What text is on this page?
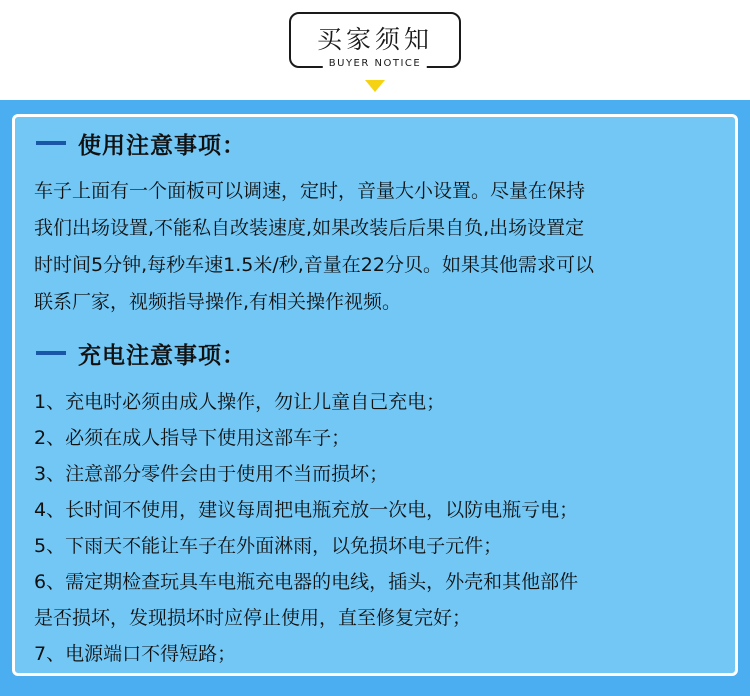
买家须知
BUYER NOTICE
使用注意事项：
车子上面有一个面板可以调速，定时，音量大小设置。尽量在保持
我们出场设置,不能私自改装速度,如果改装后后果自负,出场设置定
时时间5分钟,每秒车速1.5米/秒,音量在22分贝。如果其他需求可以
联系厂家，视频指导操作,有相关操作视频。
充电注意事项：
1、充电时必须由成人操作，勿让儿童自己充电；
2、必须在成人指导下使用这部车子；
3、注意部分零件会由于使用不当而损坏；
4、长时间不使用，建议每周把电瓶充放一次电，以防电瓶亏电；
5、下雨天不能让车子在外面淋雨，以免损坏电子元件；
6、需定期检查玩具车电瓶充电器的电线，插头，外壳和其他部件
是否损坏，发现损坏时应停止使用，直至修复完好；
7、电源端口不得短路；
